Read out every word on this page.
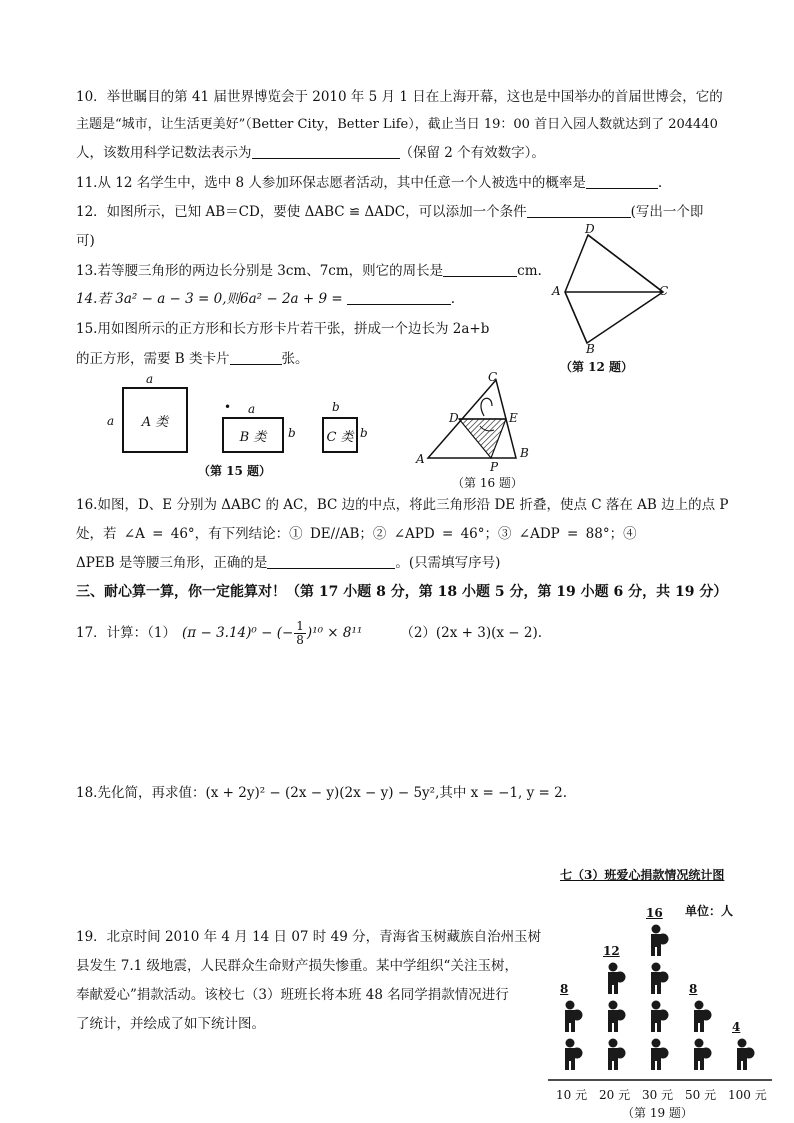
10．举世瞩目的第 41 届世界博览会于 2010 年 5 月 1 日在上海开幕，这也是中国举办的首届世博会，它的
主题是“城市，让生活更美好”（Better City，Better Life），截止当日 19：00 首日入园人数就达到了 204440
人，该数用科学记数法表示为	（保留 2 个有效数字）。
11.从 12 名学生中，选中 8 人参加环保志愿者活动，其中任意一个人被选中的概率是	.
12．如图所示，已知 AB＝CD，要使 ΔABC ≌ ΔADC，可以添加一个条件	(写出一个即
可)
13.若等腰三角形的两边长分别是 3cm、7cm，则它的周长是	cm.
14.若 3a² − a − 3 = 0,则6a² − 2a + 9 =	.
15.用如图所示的正方形和长方形卡片若干张，拼成一个边长为 2a+b
的正方形，需要 B 类卡片	张。
D
A	C
B
（第 12 题）
a
a A 类
• a
B 类 b
b
C 类 b
（第 15 题）
C
D	E
A	B
P
（第 16 题）
16.如图，D、E 分别为 ΔABC 的 AC，BC 边的中点，将此三角形沿 DE 折叠，使点 C 落在 AB 边上的点 P
处，若 ∠A = 46°，有下列结论：① DE//AB；② ∠APD = 46°；③ ∠ADP = 88°；④
ΔPEB 是等腰三角形，正确的是	。(只需填写序号)
三、耐心算一算，你一定能算对！（第 17 小题 8 分，第 18 小题 5 分，第 19 小题 6 分，共 19 分）
17．计算：（1） (π − 3.14)⁰ − (− $\frac{1}{8} )^{10} \times 8^{11}$	（2）(2x + 3)(x − 2).
18.先化简，再求值：(x + 2y)² − (2x − y)(2x − y) − 5y²,其中 x = −1, y = 2.
19．北京时间 2010 年 4 月 14 日 07 时 49 分，青海省玉树藏族自治州玉树
县发生 7.1 级地震，人民群众生命财产损失惨重。某中学组织“关注玉树，
奉献爱心”捐款活动。该校七（3）班班长将本班 48 名同学捐款情况进行
了统计，并绘成了如下统计图。
七（3）班爱心捐款情况统计图
单位：人
（第 19 题）
8
10 元
12
20 元
16
30 元
8
50 元
4
100 元
